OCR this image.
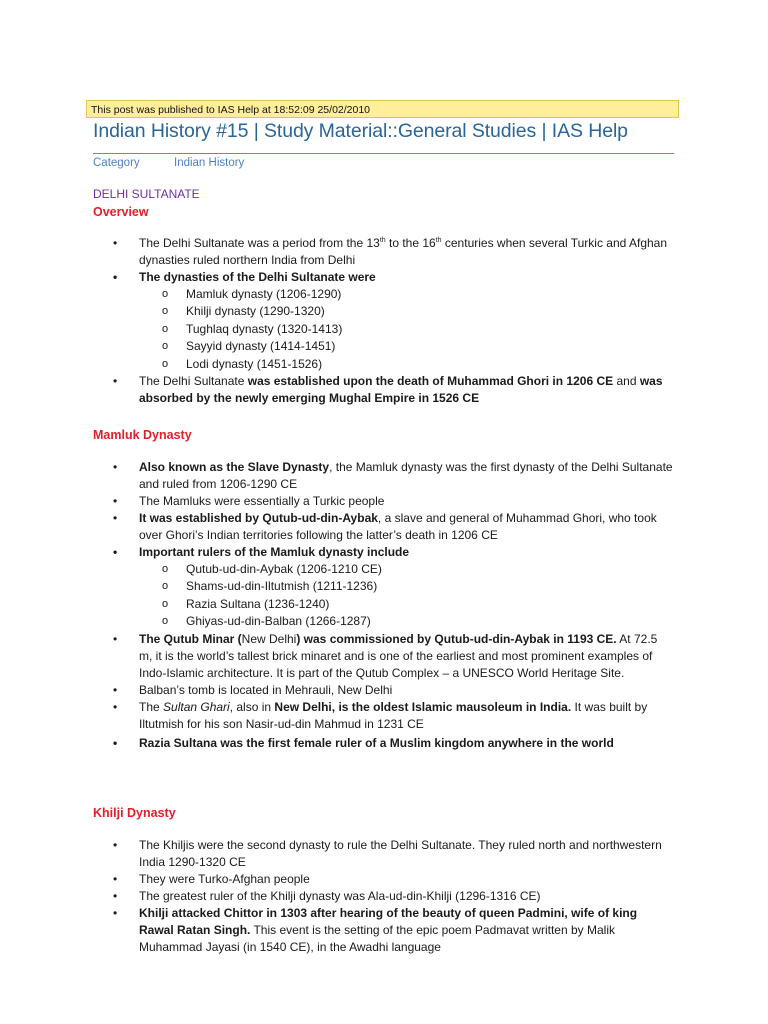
This post was published to IAS Help at 18:52:09 25/02/2010
Indian History #15 | Study Material::General Studies | IAS Help
Category	Indian History
DELHI SULTANATE
Overview
• The Delhi Sultanate was a period from the 13th to the 16th centuries when several Turkic and Afghan dynasties ruled northern India from Delhi
• The dynasties of the Delhi Sultanate were
o Mamluk dynasty (1206-1290)
o Khilji dynasty (1290-1320)
o Tughlaq dynasty (1320-1413)
o Sayyid dynasty (1414-1451)
o Lodi dynasty (1451-1526)
• The Delhi Sultanate was established upon the death of Muhammad Ghori in 1206 CE and was absorbed by the newly emerging Mughal Empire in 1526 CE
Mamluk Dynasty
• Also known as the Slave Dynasty, the Mamluk dynasty was the first dynasty of the Delhi Sultanate and ruled from 1206-1290 CE
• The Mamluks were essentially a Turkic people
• It was established by Qutub-ud-din-Aybak, a slave and general of Muhammad Ghori, who took over Ghori’s Indian territories following the latter’s death in 1206 CE
• Important rulers of the Mamluk dynasty include
o Qutub-ud-din-Aybak (1206-1210 CE)
o Shams-ud-din-Iltutmish (1211-1236)
o Razia Sultana (1236-1240)
o Ghiyas-ud-din-Balban (1266-1287)
• The Qutub Minar (New Delhi) was commissioned by Qutub-ud-din-Aybak in 1193 CE. At 72.5 m, it is the world’s tallest brick minaret and is one of the earliest and most prominent examples of Indo-Islamic architecture. It is part of the Qutub Complex – a UNESCO World Heritage Site.
• Balban’s tomb is located in Mehrauli, New Delhi
• The Sultan Ghari, also in New Delhi, is the oldest Islamic mausoleum in India. It was built by Iltutmish for his son Nasir-ud-din Mahmud in 1231 CE
• Razia Sultana was the first female ruler of a Muslim kingdom anywhere in the world
Khilji Dynasty
• The Khiljis were the second dynasty to rule the Delhi Sultanate. They ruled north and northwestern India 1290-1320 CE
• They were Turko-Afghan people
• The greatest ruler of the Khilji dynasty was Ala-ud-din-Khilji (1296-1316 CE)
• Khilji attacked Chittor in 1303 after hearing of the beauty of queen Padmini, wife of king Rawal Ratan Singh. This event is the setting of the epic poem Padmavat written by Malik Muhammad Jayasi (in 1540 CE), in the Awadhi language
